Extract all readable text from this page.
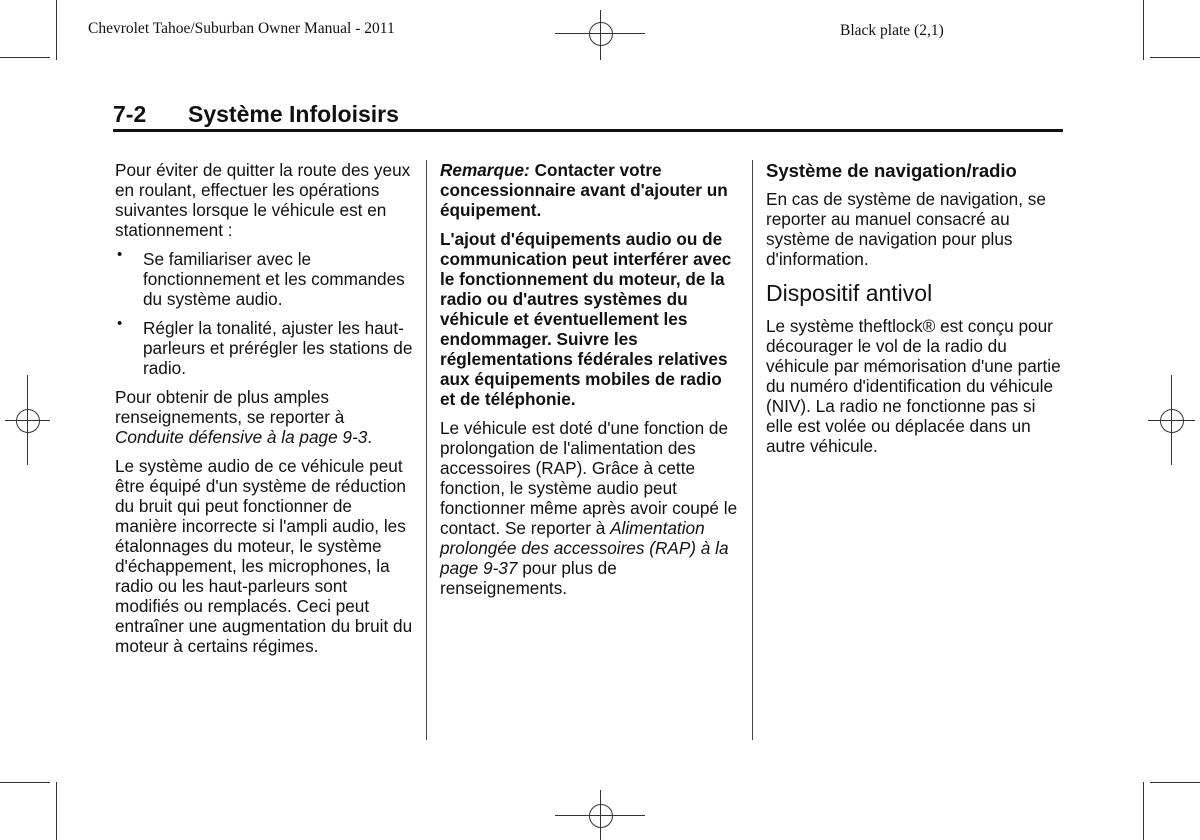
Chevrolet Tahoe/Suburban Owner Manual - 2011	Black plate (2,1)
7-2 Système Infoloisirs

Pour éviter de quitter la route des yeux en roulant, effectuer les opérations suivantes lorsque le véhicule est en stationnement :

• Se familiariser avec le fonctionnement et les commandes du système audio.
• Régler la tonalité, ajuster les haut-parleurs et prérégler les stations de radio.

Pour obtenir de plus amples renseignements, se reporter à Conduite défensive à la page 9-3.

Le système audio de ce véhicule peut être équipé d'un système de réduction du bruit qui peut fonctionner de manière incorrecte si l'ampli audio, les étalonnages du moteur, le système d'échappement, les microphones, la radio ou les haut-parleurs sont modifiés ou remplacés. Ceci peut entraîner une augmentation du bruit du moteur à certains régimes.

Remarque: Contacter votre concessionnaire avant d'ajouter un équipement.

L'ajout d'équipements audio ou de communication peut interférer avec le fonctionnement du moteur, de la radio ou d'autres systèmes du véhicule et éventuellement les endommager. Suivre les réglementations fédérales relatives aux équipements mobiles de radio et de téléphonie.

Le véhicule est doté d'une fonction de prolongation de l'alimentation des accessoires (RAP). Grâce à cette fonction, le système audio peut fonctionner même après avoir coupé le contact. Se reporter à Alimentation prolongée des accessoires (RAP) à la page 9-37 pour plus de renseignements.

Système de navigation/radio

En cas de système de navigation, se reporter au manuel consacré au système de navigation pour plus d'information.

Dispositif antivol

Le système theftlock® est conçu pour décourager le vol de la radio du véhicule par mémorisation d'une partie du numéro d'identification du véhicule (NIV). La radio ne fonctionne pas si elle est volée ou déplacée dans un autre véhicule.
